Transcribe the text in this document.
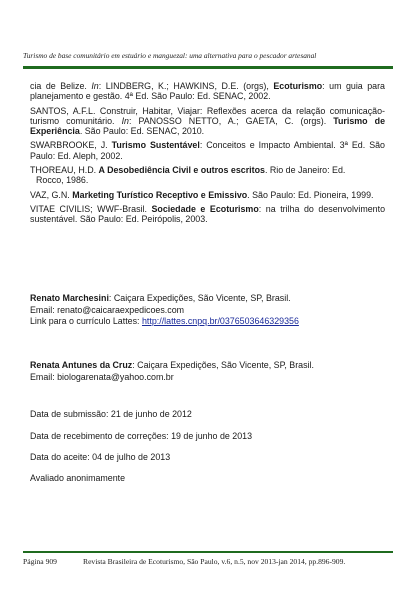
Turismo de base comunitário em estuário e manguezal: uma alternativa para o pescador artesanal

cia de Belize. In: LINDBERG, K.; HAWKINS, D.E. (orgs), Ecoturismo: um guia para planejamento e gestão. 4ª Ed. São Paulo: Ed. SENAC, 2002.

SANTOS, A.F.L. Construir, Habitar, Viajar: Reflexões acerca da relação comunicação-turismo comunitário. In: PANOSSO NETTO, A.; GAETA, C. (orgs). Turismo de Experiência. São Paulo: Ed. SENAC, 2010.

SWARBROOKE, J. Turismo Sustentável: Conceitos e Impacto Ambiental. 3ª Ed. São Paulo: Ed. Aleph, 2002.

THOREAU, H.D. A Desobediência Civil e outros escritos. Rio de Janeiro: Ed.
Rocco, 1986.

VAZ, G.N. Marketing Turístico Receptivo e Emissivo. São Paulo: Ed. Pioneira, 1999.

VITAE CIVILIS; WWF-Brasil. Sociedade e Ecoturismo: na trilha do desenvolvimento sustentável. São Paulo: Ed. Peirópolis, 2003.

Renato Marchesini: Caiçara Expedições, São Vicente, SP, Brasil.
Email: renato@caicaraexpedicoes.com
Link para o currículo Lattes: http://lattes.cnpq.br/0376503646329356
Renata Antunes da Cruz: Caiçara Expedições, São Vicente, SP, Brasil.
Email: biologarenata@yahoo.com.br
Data de submissão: 21 de junho de 2012
Data de recebimento de correções: 19 de junho de 2013
Data do aceite: 04 de julho de 2013
Avaliado anonimamente
Página 909	Revista Brasileira de Ecoturismo, São Paulo, v.6, n.5, nov 2013-jan 2014, pp.896-909.
